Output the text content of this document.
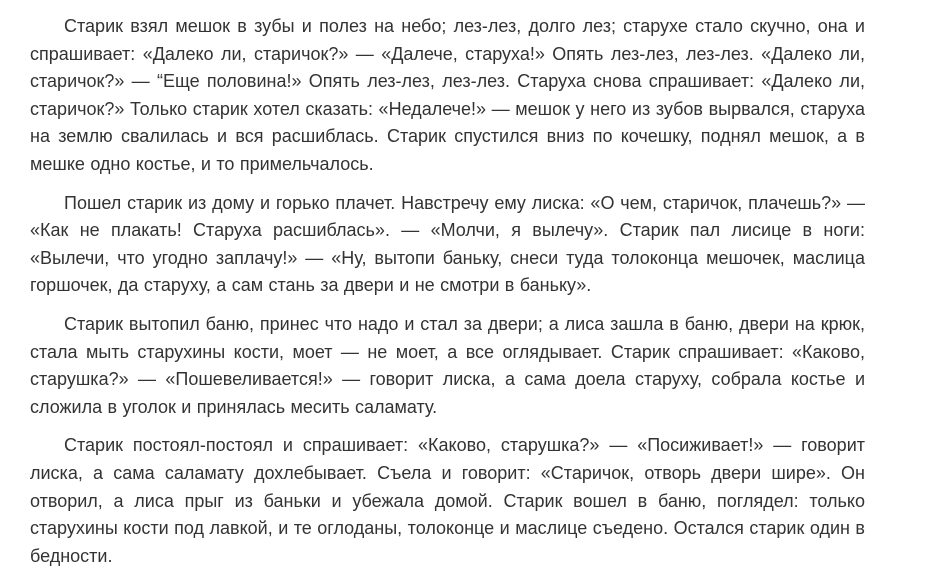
Старик взял мешок в зубы и полез на небо; лез-лез, долго лез; старухе стало скучно, она и спрашивает: «Далеко ли, старичок?» — «Далече, старуха!» Опять лез-лез, лез-лез. «Далеко ли, старичок?» — “Еще половина!» Опять лез-лез, лез-лез. Старуха снова спрашивает: «Далеко ли, старичок?» Только старик хотел сказать: «Недалече!» — мешок у него из зубов вырвался, старуха на землю свалилась и вся расшиблась. Старик спустился вниз по кочешку, поднял мешок, а в мешке одно костье, и то примельчалось.

Пошел старик из дому и горько плачет. Навстречу ему лиска: «О чем, старичок, плачешь?» — «Как не плакать! Старуха расшиблась». — «Молчи, я вылечу». Старик пал лисице в ноги: «Вылечи, что угодно заплачу!» — «Ну, вытопи баньку, снеси туда толоконца мешочек, маслица горшочек, да старуху, а сам стань за двери и не смотри в баньку».

Старик вытопил баню, принес что надо и стал за двери; а лиса зашла в баню, двери на крюк, стала мыть старухины кости, моет — не моет, а все оглядывает. Старик спрашивает: «Каково, старушка?» — «Пошевеливается!» — говорит лиска, а сама доела старуху, собрала костье и сложила в уголок и принялась месить саламату.

Старик постоял-постоял и спрашивает: «Каково, старушка?» — «Посиживает!» — говорит лиска, а сама саламату дохлебывает. Съела и говорит: «Старичок, отворь двери шире». Он отворил, а лиса прыг из баньки и убежала домой. Старик вошел в баню, поглядел: только старухины кости под лавкой, и те оглоданы, толоконце и маслице съедено. Остался старик один в бедности.
